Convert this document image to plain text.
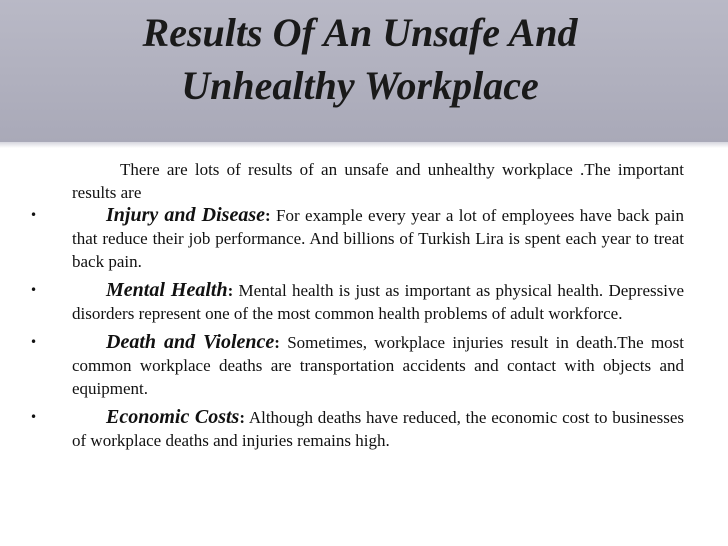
Results Of An Unsafe And
Unhealthy Workplace

There are lots of results of an unsafe and unhealthy workplace .The important results are

•	Injury and Disease: For example every year a lot of employees have back pain that reduce their job performance. And billions of Turkish Lira is spent each year to treat back pain.
•	Mental Health: Mental health is just as important as physical health. Depressive disorders represent one of the most common health problems of adult workforce.
•	Death and Violence: Sometimes, workplace injuries result in death.The most common workplace deaths are transportation accidents and contact with objects and equipment.
•	Economic Costs: Although deaths have reduced, the economic cost to businesses of workplace deaths and injuries remains high.
